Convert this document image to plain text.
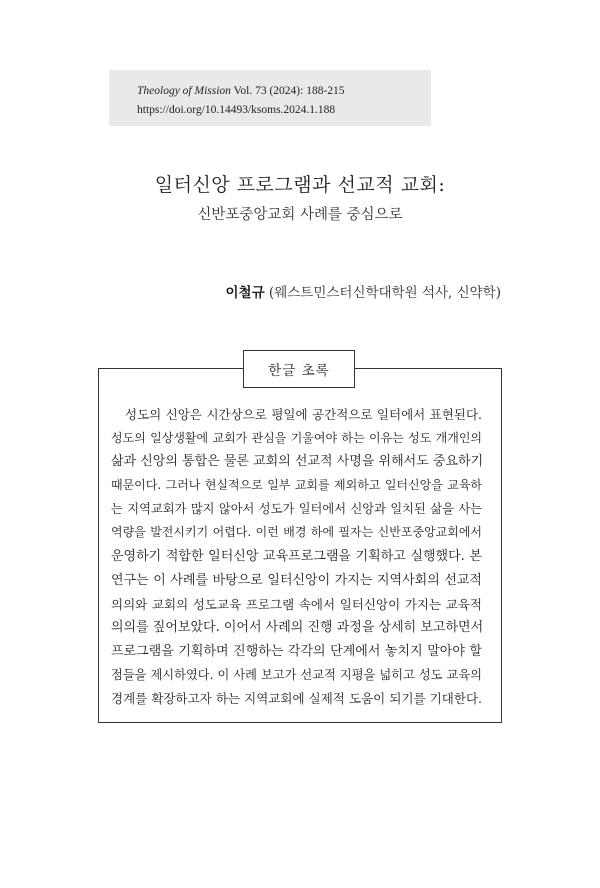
Theology of Mission Vol. 73 (2024): 188-215
https://doi.org/10.14493/ksoms.2024.1.188
일터신앙 프로그램과 선교적 교회:
신반포중앙교회 사례를 중심으로
이철규 (웨스트민스터신학대학원 석사, 신약학)
한글 초록
성도의 신앙은 시간상으로 평일에 공간적으로 일터에서 표현된다.
성도의 일상생활에 교회가 관심을 기울여야 하는 이유는 성도 개개인의
삶과 신앙의 통합은 물론 교회의 선교적 사명을 위해서도 중요하기
때문이다. 그러나 현실적으로 일부 교회를 제외하고 일터신앙을 교육하
는 지역교회가 많지 않아서 성도가 일터에서 신앙과 일치된 삶을 사는
역량을 발전시키기 어렵다. 이런 배경 하에 필자는 신반포중앙교회에서
운영하기 적합한 일터신앙 교육프로그램을 기획하고 실행했다. 본
연구는 이 사례를 바탕으로 일터신앙이 가지는 지역사회의 선교적
의의와 교회의 성도교육 프로그램 속에서 일터신앙이 가지는 교육적
의의를 짚어보았다. 이어서 사례의 진행 과정을 상세히 보고하면서
프로그램을 기획하며 진행하는 각각의 단계에서 놓치지 말아야 할
점들을 제시하였다. 이 사례 보고가 선교적 지평을 넓히고 성도 교육의
경계를 확장하고자 하는 지역교회에 실제적 도움이 되기를 기대한다.
